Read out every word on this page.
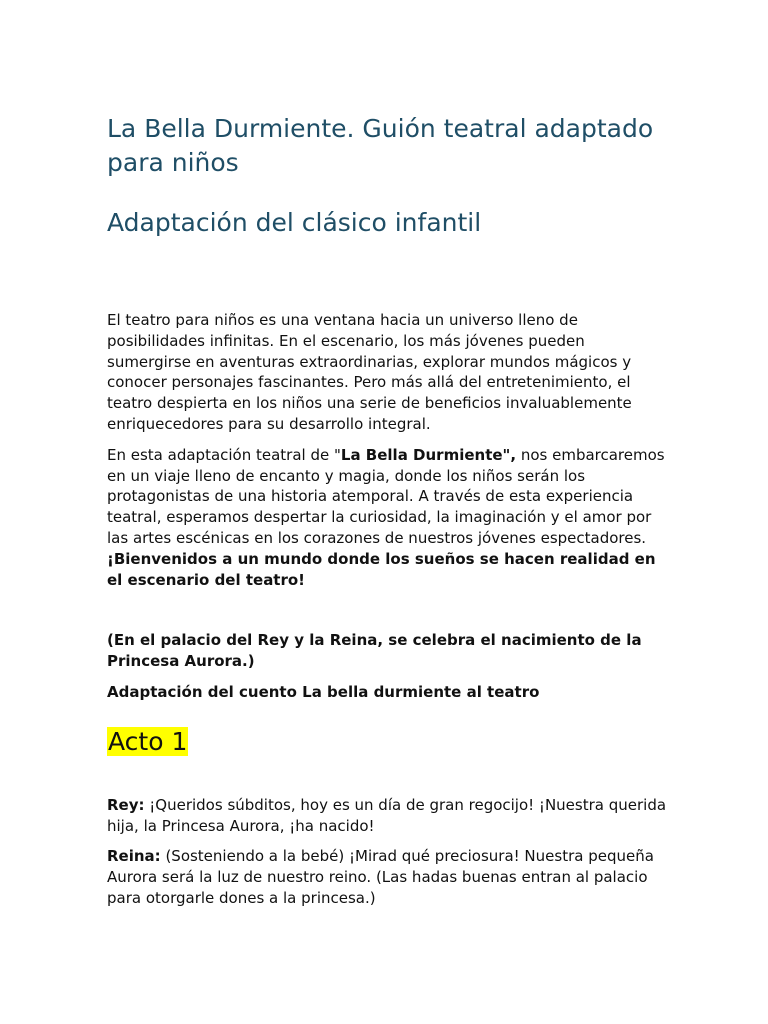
La Bella Durmiente. Guión teatral adaptado para niños
Adaptación del clásico infantil

El teatro para niños es una ventana hacia un universo lleno de posibilidades infinitas. En el escenario, los más jóvenes pueden sumergirse en aventuras extraordinarias, explorar mundos mágicos y conocer personajes fascinantes. Pero más allá del entretenimiento, el teatro despierta en los niños una serie de beneficios invaluablemente enriquecedores para su desarrollo integral.

En esta adaptación teatral de "La Bella Durmiente", nos embarcaremos en un viaje lleno de encanto y magia, donde los niños serán los protagonistas de una historia atemporal. A través de esta experiencia teatral, esperamos despertar la curiosidad, la imaginación y el amor por las artes escénicas en los corazones de nuestros jóvenes espectadores. ¡Bienvenidos a un mundo donde los sueños se hacen realidad en el escenario del teatro!

(En el palacio del Rey y la Reina, se celebra el nacimiento de la Princesa Aurora.)

Adaptación del cuento La bella durmiente al teatro

Acto 1

Rey: ¡Queridos súbditos, hoy es un día de gran regocijo! ¡Nuestra querida hija, la Princesa Aurora, ¡ha nacido!

Reina: (Sosteniendo a la bebé) ¡Mirad qué preciosura! Nuestra pequeña Aurora será la luz de nuestro reino. (Las hadas buenas entran al palacio para otorgarle dones a la princesa.)
